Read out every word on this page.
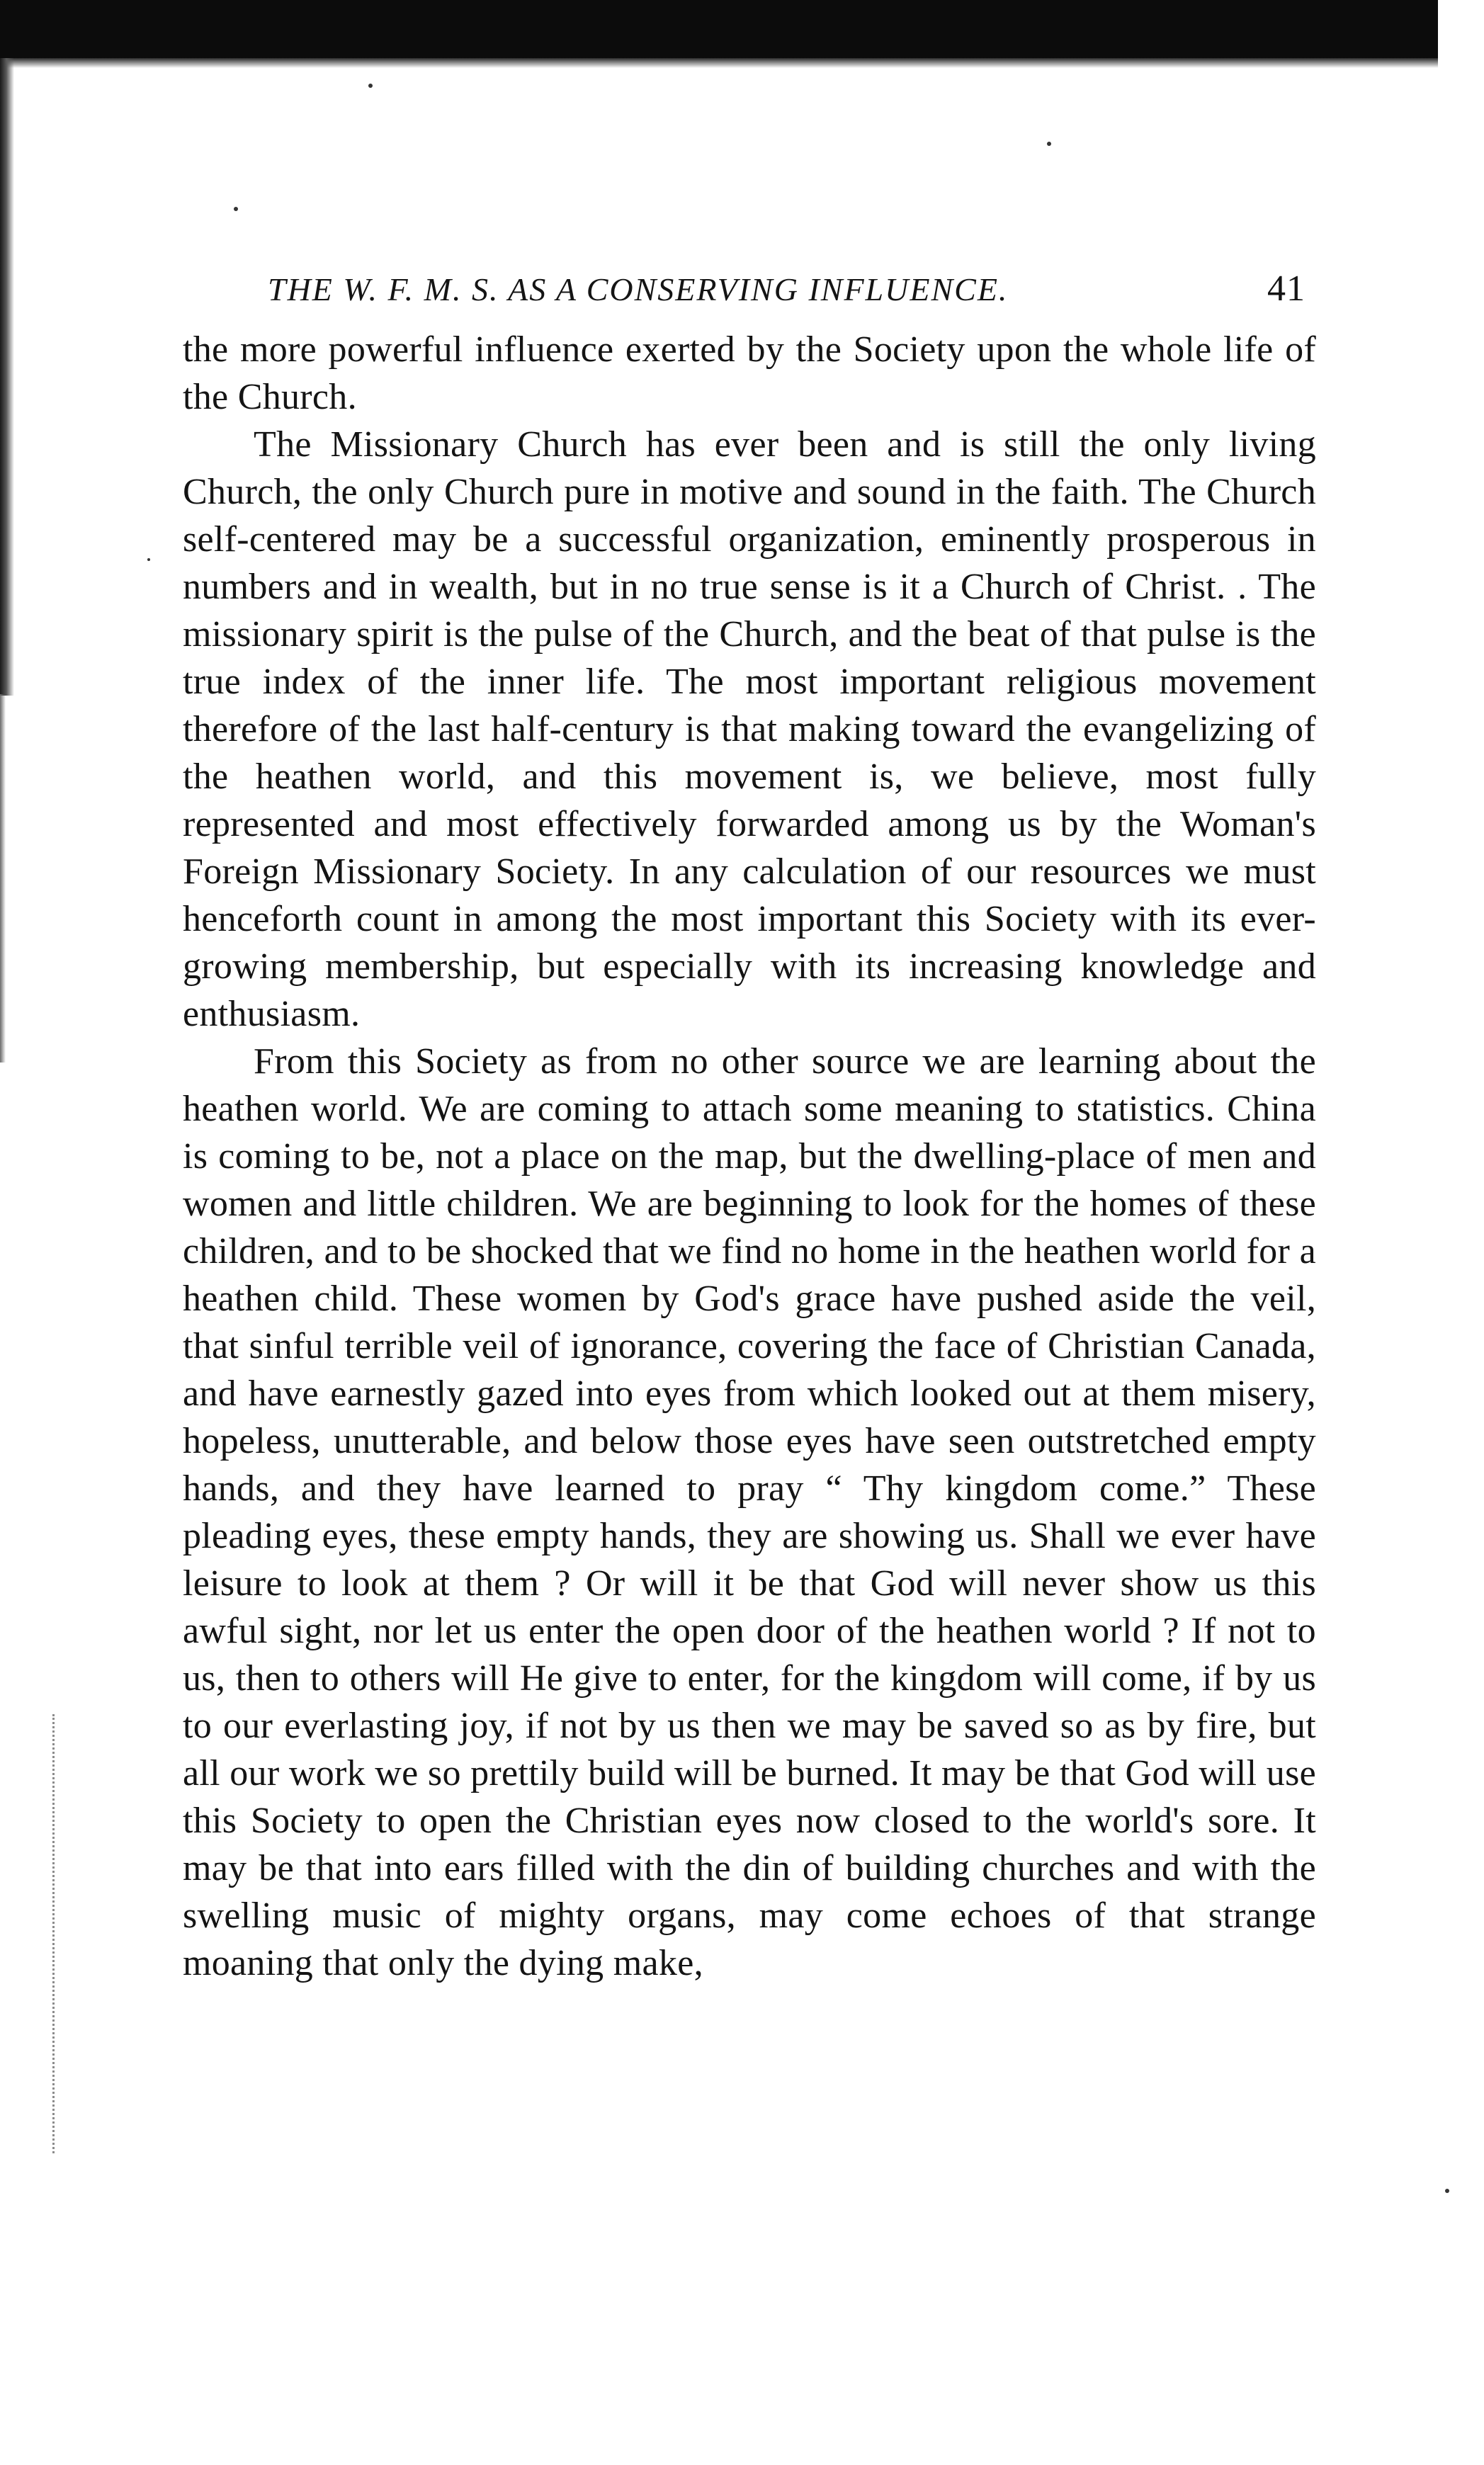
THE W. F. M. S. AS A CONSERVING INFLUENCE.	41

the more powerful influence exerted by the Society upon the whole life of the Church.

The Missionary Church has ever been and is still the only living Church, the only Church pure in motive and sound in the faith. The Church self-centered may be a successful organization, eminently prosperous in numbers and in wealth, but in no true sense is it a Church of Christ. . The missionary spirit is the pulse of the Church, and the beat of that pulse is the true index of the inner life. The most important religious movement therefore of the last half-century is that making toward the evangelizing of the heathen world, and this movement is, we believe, most fully represented and most effectively forwarded among us by the Woman's Foreign Missionary Society. In any calculation of our resources we must henceforth count in among the most important this Society with its ever-growing membership, but especially with its increasing knowledge and enthusiasm.

From this Society as from no other source we are learning about the heathen world. We are coming to attach some meaning to statistics. China is coming to be, not a place on the map, but the dwelling-place of men and women and little children. We are beginning to look for the homes of these children, and to be shocked that we find no home in the heathen world for a heathen child. These women by God's grace have pushed aside the veil, that sinful terrible veil of ignorance, covering the face of Christian Canada, and have earnestly gazed into eyes from which looked out at them misery, hopeless, unutterable, and below those eyes have seen outstretched empty hands, and they have learned to pray “ Thy kingdom come.” These pleading eyes, these empty hands, they are showing us. Shall we ever have leisure to look at them ? Or will it be that God will never show us this awful sight, nor let us enter the open door of the heathen world ? If not to us, then to others will He give to enter, for the kingdom will come, if by us to our everlasting joy, if not by us then we may be saved so as by fire, but all our work we so prettily build will be burned. It may be that God will use this Society to open the Christian eyes now closed to the world's sore. It may be that into ears filled with the din of building churches and with the swelling music of mighty organs, may come echoes of that strange moaning that only the dying make,
